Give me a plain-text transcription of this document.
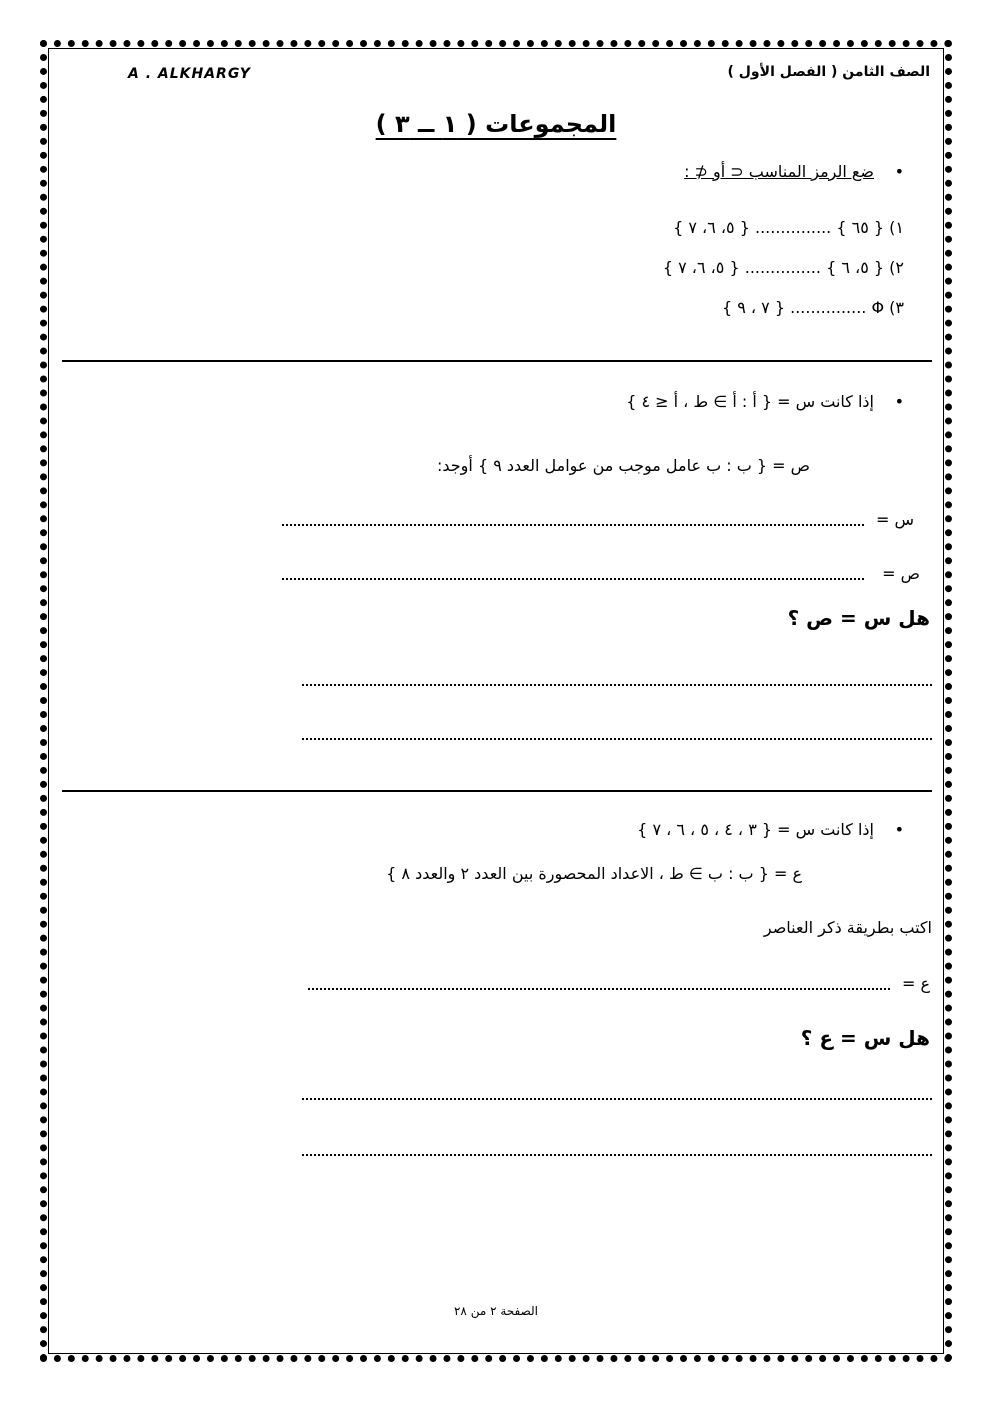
A . ALKHARGY	الصف الثامن ( الفصل الأول )
المجموعات ( ١ ــ ٣ )
•
ضع الرمز المناسب ⊂ أو ⊄ :
١) { ٦٥ } ............... { ٥، ٦، ٧ }
٢) { ٥، ٦ } ............... { ٥، ٦، ٧ }
٣) Φ ............... { ٧ ، ٩ }
•
إذا كانت س = { أ : أ ∋ ط ، أ ≤ ٤ }
ص = { ب : ب عامل موجب من عوامل العدد ٩ } أوجد:
س =
ص =
هل س = ص ؟
•
إذا كانت س = { ٣ ، ٤ ، ٥ ، ٦ ، ٧ }
ع = { ب : ب ∋ ط ، الاعداد المحصورة بين العدد ٢ والعدد ٨ }
اكتب بطريقة ذكر العناصر
ع =
هل س = ع ؟
الصفحة ٢ من ٢٨
